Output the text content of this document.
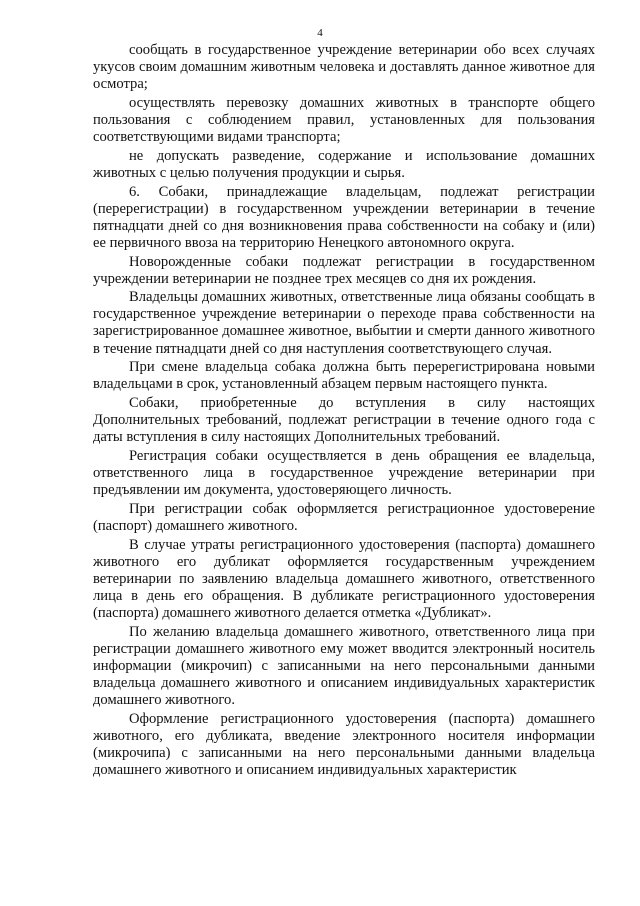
4

сообщать в государственное учреждение ветеринарии обо всех случаях укусов своим домашним животным человека и доставлять данное животное для осмотра;

осуществлять перевозку домашних животных в транспорте общего пользования с соблюдением правил, установленных для пользования соответствующими видами транспорта;

не допускать разведение, содержание и использование домашних животных с целью получения продукции и сырья.

6. Собаки, принадлежащие владельцам, подлежат регистрации (перерегистрации) в государственном учреждении ветеринарии в течение пятнадцати дней со дня возникновения права собственности на собаку и (или) ее первичного ввоза на территорию Ненецкого автономного округа.

Новорожденные собаки подлежат регистрации в государственном учреждении ветеринарии не позднее трех месяцев со дня их рождения.

Владельцы домашних животных, ответственные лица обязаны сообщать в государственное учреждение ветеринарии о переходе права собственности на зарегистрированное домашнее животное, выбытии и смерти данного животного в течение пятнадцати дней со дня наступления соответствующего случая.

При смене владельца собака должна быть перерегистрирована новыми владельцами в срок, установленный абзацем первым настоящего пункта.

Собаки, приобретенные до вступления в силу настоящих Дополнительных требований, подлежат регистрации в течение одного года с даты вступления в силу настоящих Дополнительных требований.

Регистрация собаки осуществляется в день обращения ее владельца, ответственного лица в государственное учреждение ветеринарии при предъявлении им документа, удостоверяющего личность.

При регистрации собак оформляется регистрационное удостоверение (паспорт) домашнего животного.

В случае утраты регистрационного удостоверения (паспорта) домашнего животного его дубликат оформляется государственным учреждением ветеринарии по заявлению владельца домашнего животного, ответственного лица в день его обращения. В дубликате регистрационного удостоверения (паспорта) домашнего животного делается отметка «Дубликат».

По желанию владельца домашнего животного, ответственного лица при регистрации домашнего животного ему может вводится электронный носитель информации (микрочип) с записанными на него персональными данными владельца домашнего животного и описанием индивидуальных характеристик домашнего животного.

Оформление регистрационного удостоверения (паспорта) домашнего животного, его дубликата, введение электронного носителя информации (микрочипа) с записанными на него персональными данными владельца домашнего животного и описанием индивидуальных характеристик
